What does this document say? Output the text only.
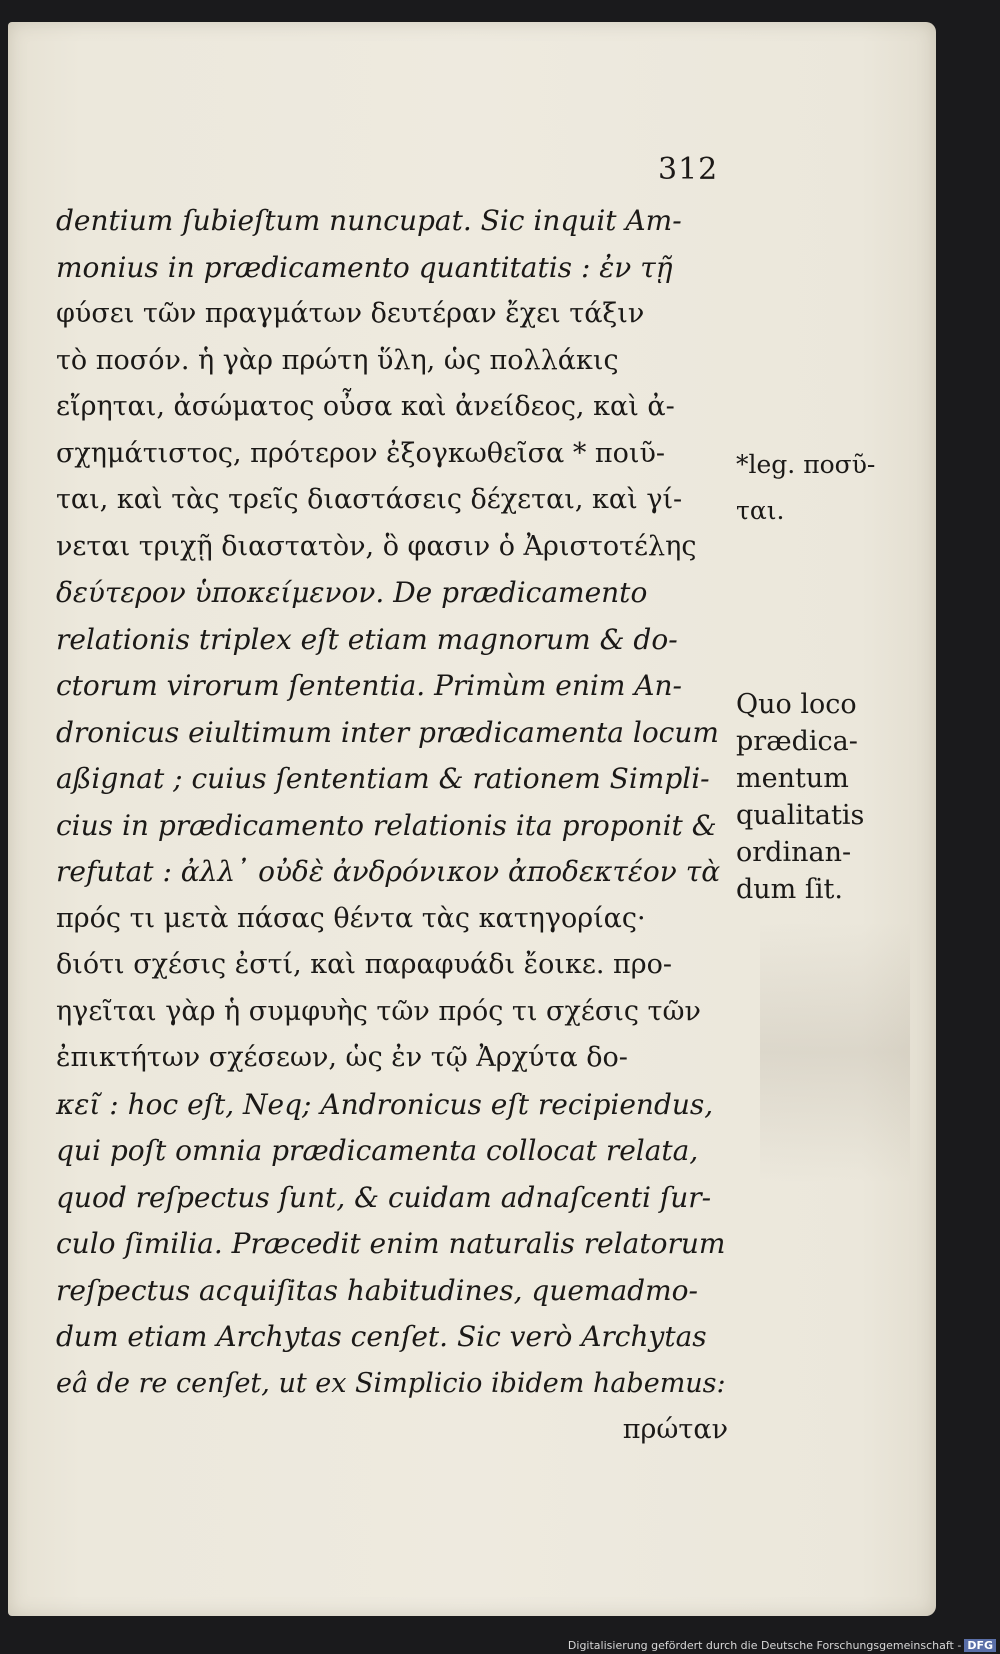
312
dentium ſubieſtum nuncupat. Sic inquit Am-
monius in prædicamento quantitatis : ἐν τῇ
φύσει τῶν πραγμάτων δευτέραν ἔχει τάξιν
τὸ ποσόν. ἡ γὰρ πρώτη ὕλη, ὡς πολλάκις
εἴρηται, ἀσώματος οὖσα καὶ ἀνείδεος, καὶ ἀ-
σχημάτιστος, πρότερον ἐξογκωθεῖσα * ποιῦ-
ται, καὶ τὰς τρεῖς διαστάσεις δέχεται, καὶ γί-
νεται τριχῇ διαστατὸν, ὃ φασιν ὁ Ἀριστοτέλης
δεύτερον ὑποκείμενον. De prædicamento
relationis triplex eſt etiam magnorum & do-
ctorum virorum ſententia. Primùm enim An-
dronicus eiultimum inter prædicamenta locum
aßignat ; cuius ſententiam & rationem Simpli-
cius in prædicamento relationis ita proponit &
refutat : ἀλλ᾽ οὐδὲ ἀνδρόνικον ἀποδεκτέον τὰ
πρός τι μετὰ πάσας θέντα τὰς κατηγορίας·
διότι σχέσις ἐστί, καὶ παραφυάδι ἔοικε. προ-
ηγεῖται γὰρ ἡ συμφυὴς τῶν πρός τι σχέσις τῶν
ἐπικτήτων σχέσεων, ὡς ἐν τῷ Ἀρχύτα δο-
κεῖ : hoc eſt, Neq; Andronicus eſt recipiendus,
qui poſt omnia prædicamenta collocat relata,
quod reſpectus ſunt, & cuidam adnaſcenti ſur-
culo ſimilia. Præcedit enim naturalis relatorum
reſpectus acquiſitas habitudines, quemadmo-
dum etiam Archytas cenſet. Sic verò Archytas
eâ de re cenſet, ut ex Simplicio ibidem habemus:
πρώταν
*leg. ποσῦ-
ται.
Quo loco
prædica-
mentum
qualitatis
ordinan-
dum ſit.
Digitalisierung gefördert durch die Deutsche Forschungsgemeinschaft - DFG
